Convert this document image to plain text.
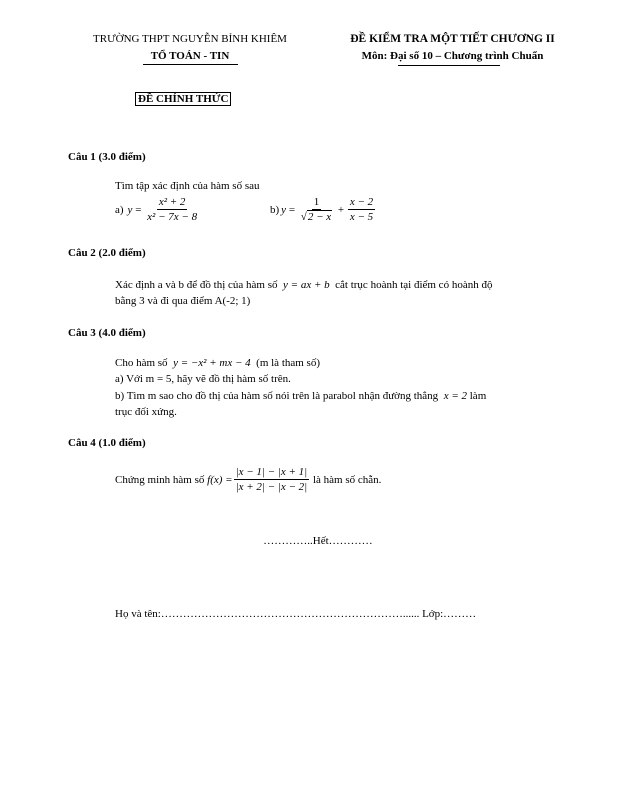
TRƯỜNG THPT NGUYỄN BỈNH KHIÊM
TỔ TOÁN - TIN
ĐỀ KIỂM TRA MỘT TIẾT CHƯƠNG II
Môn: Đại số 10 – Chương trình Chuẩn
ĐỀ CHÍNH THỨC
Câu 1 (3.0 điểm)
Tìm tập xác định của hàm số sau
a) $y = \frac{\text{x² + 2}}{\text{x² − 7x − 8}}$	b) $y = \frac{1}{√2 - x} + \frac{x - 2}{x - 5}$
Câu 2 (2.0 điểm)
Xác định a và b để đồ thị của hàm số y = ax + b cắt trục hoành tại điểm có hoành độ
bằng 3 và đi qua điểm A(-2; 1)
Câu 3 (4.0 điểm)
Cho hàm số y = −x² + mx − 4 (m là tham số)
a) Với m = 5, hãy vẽ đồ thị hàm số trên.
b) Tìm m sao cho đồ thị của hàm số nói trên là parabol nhận đường thẳng x = 2 làm
trục đối xứng.
Câu 4 (1.0 điểm)
Chứng minh hàm số
$f(x) = \frac{|x - 1| - |x + 1|}{|x + 2| - |x - 2|}$
là hàm số chẵn.
…………..Hết…………
Họ và tên:…………………………………………………………...... Lớp:………
